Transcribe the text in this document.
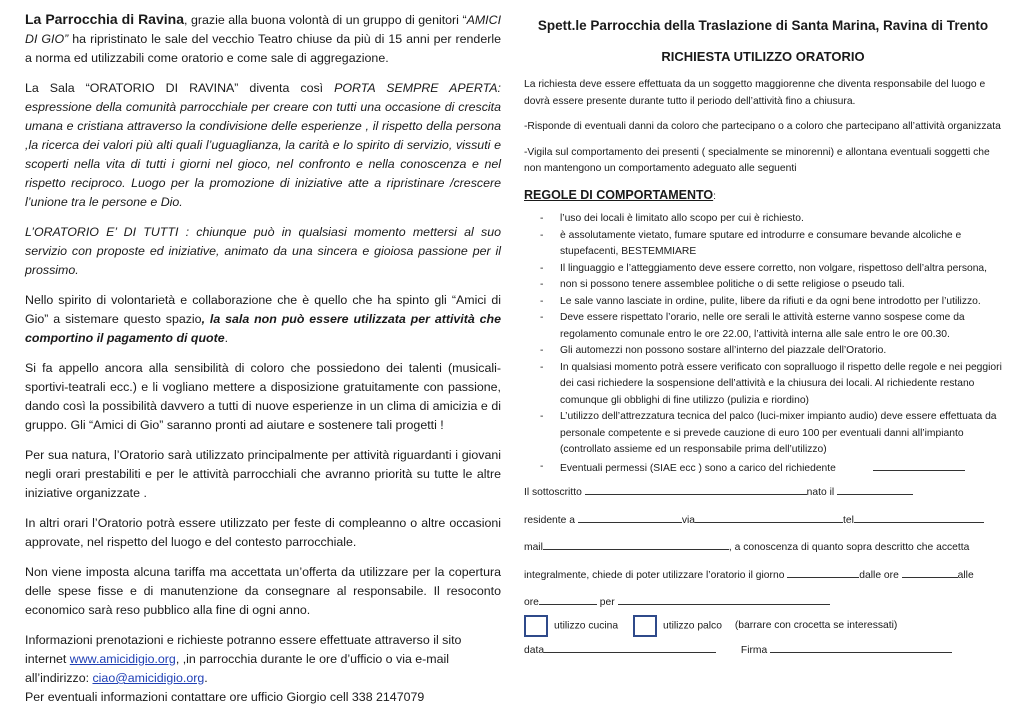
La Parrocchia di Ravina, grazie alla buona volontà di un gruppo di genitori “AMICI DI GIO” ha ripristinato le sale del vecchio Teatro chiuse da più di 15 anni per renderle a norma ed utilizzabili come oratorio e come sale di aggregazione.

La Sala “ORATORIO DI RAVINA” diventa così PORTA SEMPRE APERTA: espressione della comunità parrocchiale per creare con tutti una occasione di crescita umana e cristiana attraverso la condivisione delle esperienze , il rispetto della persona ,la ricerca dei valori più alti quali l’uguaglianza, la carità e lo spirito di servizio, vissuti e scoperti nella vita di tutti i giorni nel gioco, nel confronto e nella conoscenza e nel rispetto reciproco. Luogo per la promozione di iniziative atte a ripristinare /crescere l’unione tra le persone e Dio.

L’ORATORIO E’ DI TUTTI : chiunque può in qualsiasi momento mettersi al suo servizio con proposte ed iniziative, animato da una sincera e gioiosa passione per il prossimo.

Nello spirito di volontarietà e collaborazione che è quello che ha spinto gli “Amici di Gio” a sistemare questo spazio, la sala non può essere utilizzata per attività che comportino il pagamento di quote.

Si fa appello ancora alla sensibilità di coloro che possiedono dei talenti (musicali-sportivi-teatrali ecc.) e li vogliano mettere a disposizione gratuitamente con passione, dando così la possibilità davvero a tutti di nuove esperienze in un clima di amicizia e di gruppo. Gli “Amici di Gio” saranno pronti ad aiutare e sostenere tali progetti !

Per sua natura, l’Oratorio sarà utilizzato principalmente per attività riguardanti i giovani negli orari prestabiliti e per le attività parrocchiali che avranno priorità su tutte le altre iniziative organizzate .

In altri orari l’Oratorio potrà essere utilizzato per feste di compleanno o altre occasioni approvate, nel rispetto del luogo e del contesto parrocchiale.

Non viene imposta alcuna tariffa ma accettata un’offerta da utilizzare per la copertura delle spese fisse e di manutenzione da consegnare al responsabile. Il resoconto economico sarà reso pubblico alla fine di ogni anno.

Informazioni prenotazioni e richieste potranno essere effettuate attraverso il sito internet www.amicidigio.org, ,in parrocchia durante le ore d’ufficio o via e-mail all’indirizzo: ciao@amicidigio.org.

Per eventuali informazioni contattare ore ufficio Giorgio cell 338 2147079

Spett.le Parrocchia della Traslazione di Santa Marina, Ravina di Trento
RICHIESTA UTILIZZO ORATORIO

La richiesta deve essere effettuata da un soggetto maggiorenne che diventa responsabile del luogo e dovrà essere presente durante tutto il periodo dell’attività fino a chiusura.

-Risponde di eventuali danni da coloro che partecipano o a coloro che partecipano all’attività organizzata

-Vigila sul comportamento dei presenti ( specialmente se minorenni) e allontana eventuali soggetti che non mantengono un comportamento adeguato alle seguenti

REGOLE DI COMPORTAMENTO:
- l’uso dei locali è limitato allo scopo per cui è richiesto.
- è assolutamente vietato, fumare sputare ed introdurre e consumare bevande alcoliche e stupefacenti, BESTEMMIARE
- Il linguaggio e l’atteggiamento deve essere corretto, non volgare, rispettoso dell’altra persona,
- non si possono tenere assemblee politiche o di sette religiose o pseudo tali.
- Le sale vanno lasciate in ordine, pulite, libere da rifiuti e da ogni bene introdotto per l’utilizzo.
- Deve essere rispettato l’orario, nelle ore serali le attività esterne vanno sospese come da regolamento comunale entro le ore 22.00, l’attività interna alle sale entro le ore 00.30.
- Gli automezzi non possono sostare all’interno del piazzale dell’Oratorio.
- In qualsiasi momento potrà essere verificato con sopralluogo il rispetto delle regole e nei peggiori dei casi richiedere la sospensione dell’attività e la chiusura dei locali. Al richiedente restano comunque gli obblighi di fine utilizzo (pulizia e riordino)
- L’utilizzo dell’attrezzatura tecnica del palco (luci-mixer impianto audio) deve essere effettuata da personale competente e si prevede cauzione di euro 100 per eventuali danni all’impianto (controllato assieme ed un responsabile prima dell’utilizzo)
- Eventuali permessi (SIAE ecc ) sono a carico del richiedente
Il sottoscritto	nato il
residente a	via	tel
mail	, a conoscenza di quanto sopra descritto che accetta
integralmente, chiede di poter utilizzare l’oratorio il giorno	dalle ore	alle
ore	per
utilizzo cucina	utilizzo palco (barrare con crocetta se interessati)
data	Firma
